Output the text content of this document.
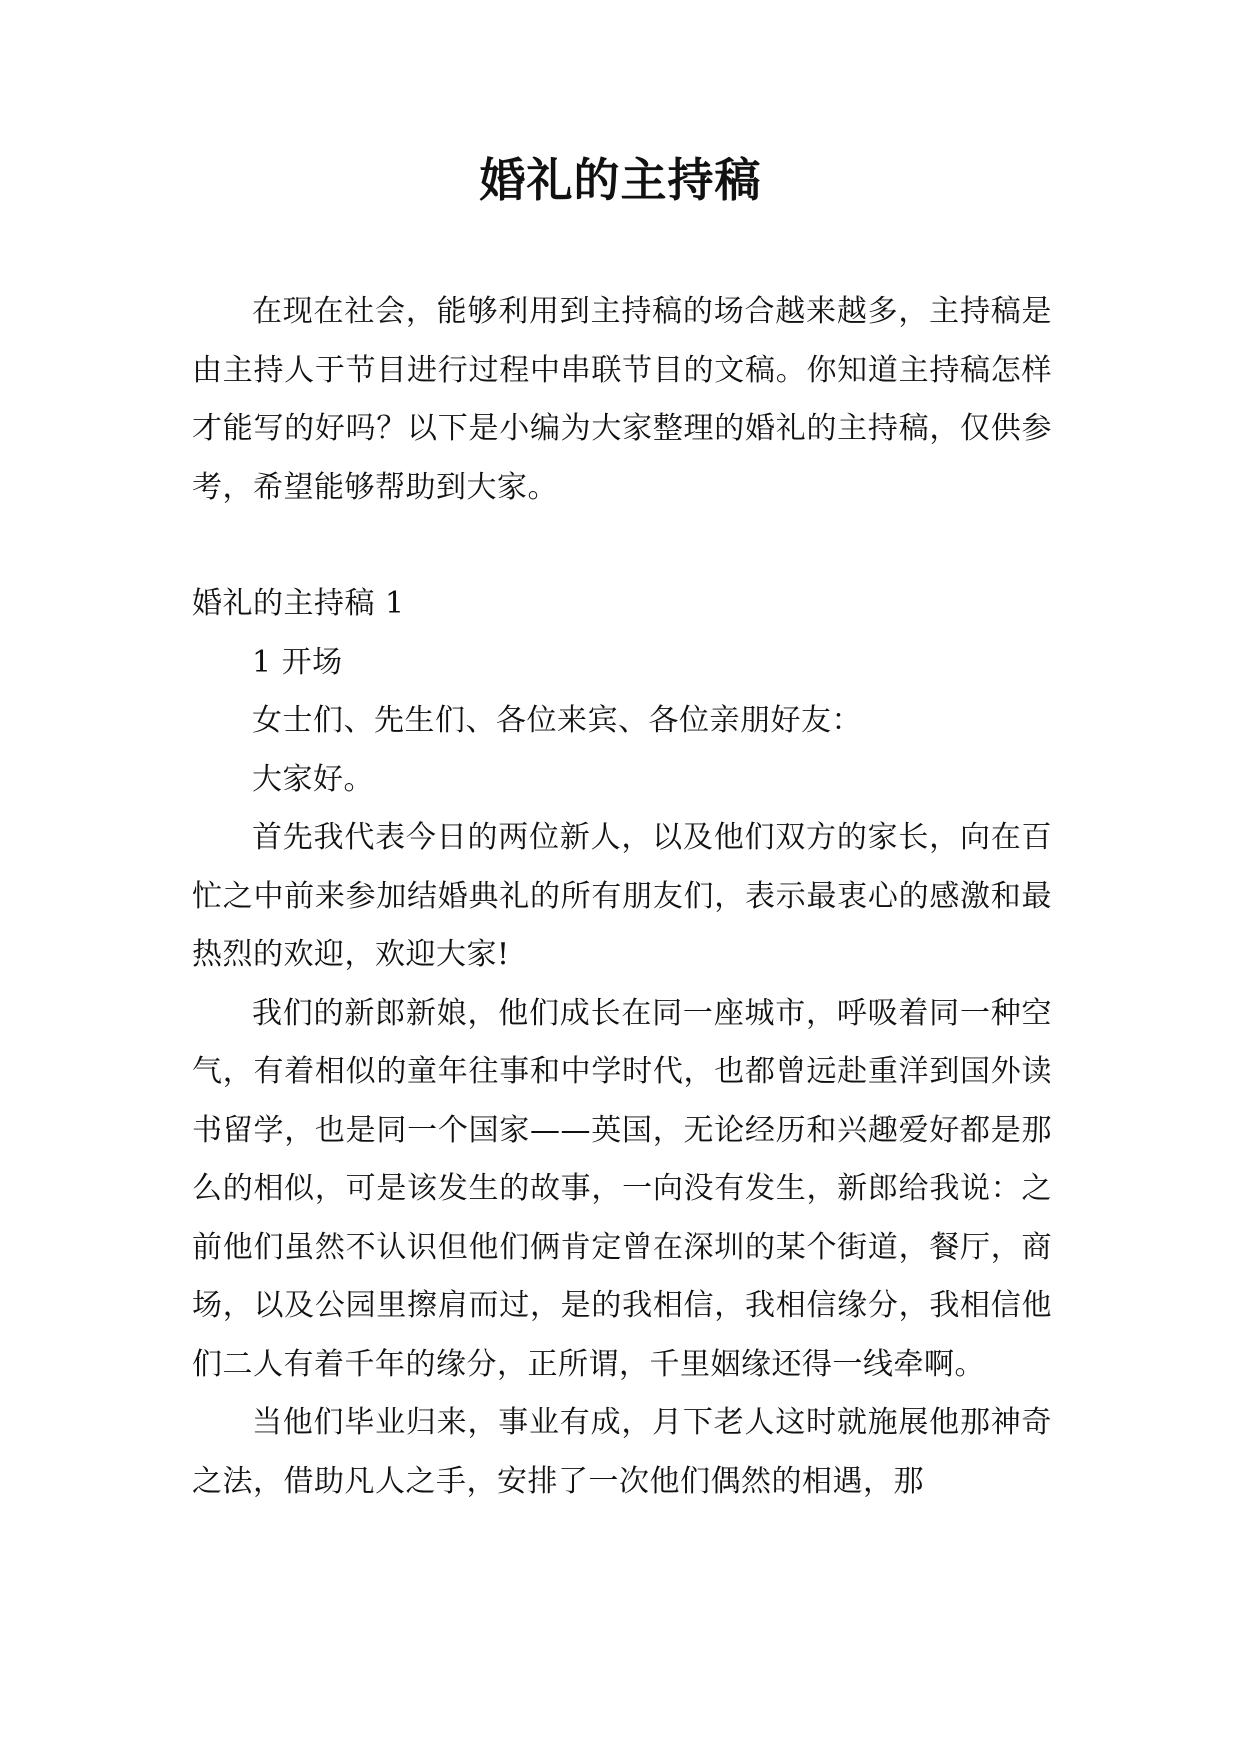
婚礼的主持稿

在现在社会，能够利用到主持稿的场合越来越多，主持稿是由主持人于节目进行过程中串联节目的文稿。你知道主持稿怎样才能写的好吗？以下是小编为大家整理的婚礼的主持稿，仅供参考，希望能够帮助到大家。

婚礼的主持稿 1

1 开场

女士们、先生们、各位来宾、各位亲朋好友：

大家好。

首先我代表今日的两位新人，以及他们双方的家长，向在百忙之中前来参加结婚典礼的所有朋友们，表示最衷心的感激和最热烈的欢迎，欢迎大家!

我们的新郎新娘，他们成长在同一座城市，呼吸着同一种空气，有着相似的童年往事和中学时代，也都曾远赴重洋到国外读书留学，也是同一个国家——英国，无论经历和兴趣爱好都是那么的相似，可是该发生的故事，一向没有发生，新郎给我说：之前他们虽然不认识但他们俩肯定曾在深圳的某个街道，餐厅，商场，以及公园里擦肩而过，是的我相信，我相信缘分，我相信他们二人有着千年的缘分，正所谓，千里姻缘还得一线牵啊。

当他们毕业归来，事业有成，月下老人这时就施展他那神奇之法，借助凡人之手，安排了一次他们偶然的相遇，那
